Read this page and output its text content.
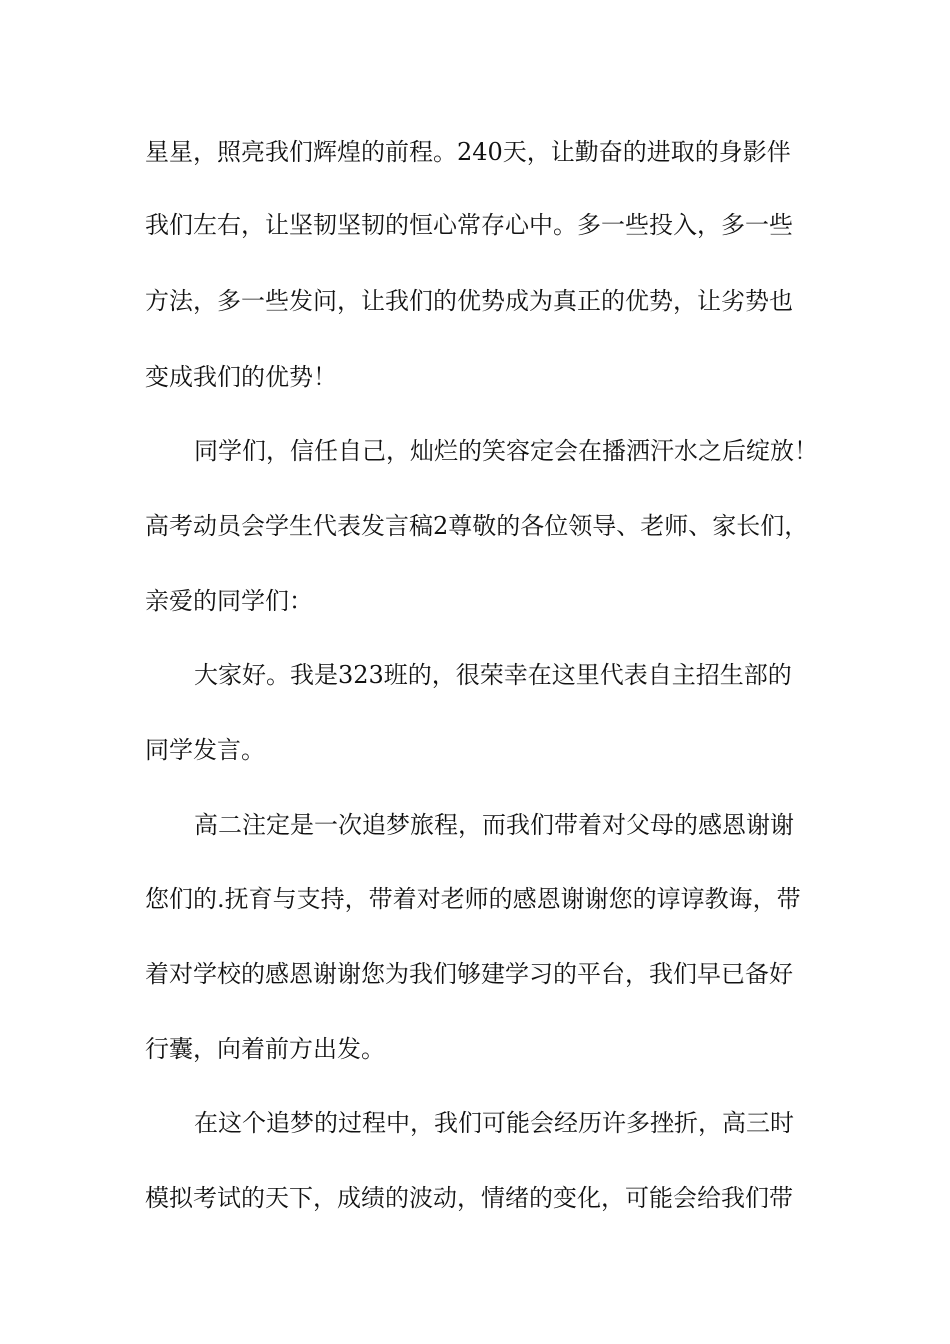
星星，照亮我们辉煌的前程。240天，让勤奋的进取的身影伴
我们左右，让坚韧坚韧的恒心常存心中。多一些投入，多一些
方法，多一些发问，让我们的优势成为真正的优势，让劣势也
变成我们的优势！
同学们，信任自己，灿烂的笑容定会在播洒汗水之后绽放！
高考动员会学生代表发言稿2尊敬的各位领导、老师、家长们，
亲爱的同学们：
大家好。我是323班的，很荣幸在这里代表自主招生部的
同学发言。
高二注定是一次追梦旅程，而我们带着对父母的感恩谢谢
您们的.抚育与支持，带着对老师的感恩谢谢您的谆谆教诲，带
着对学校的感恩谢谢您为我们够建学习的平台，我们早已备好
行囊，向着前方出发。
在这个追梦的过程中，我们可能会经历许多挫折，高三时
模拟考试的天下，成绩的波动，情绪的变化，可能会给我们带
